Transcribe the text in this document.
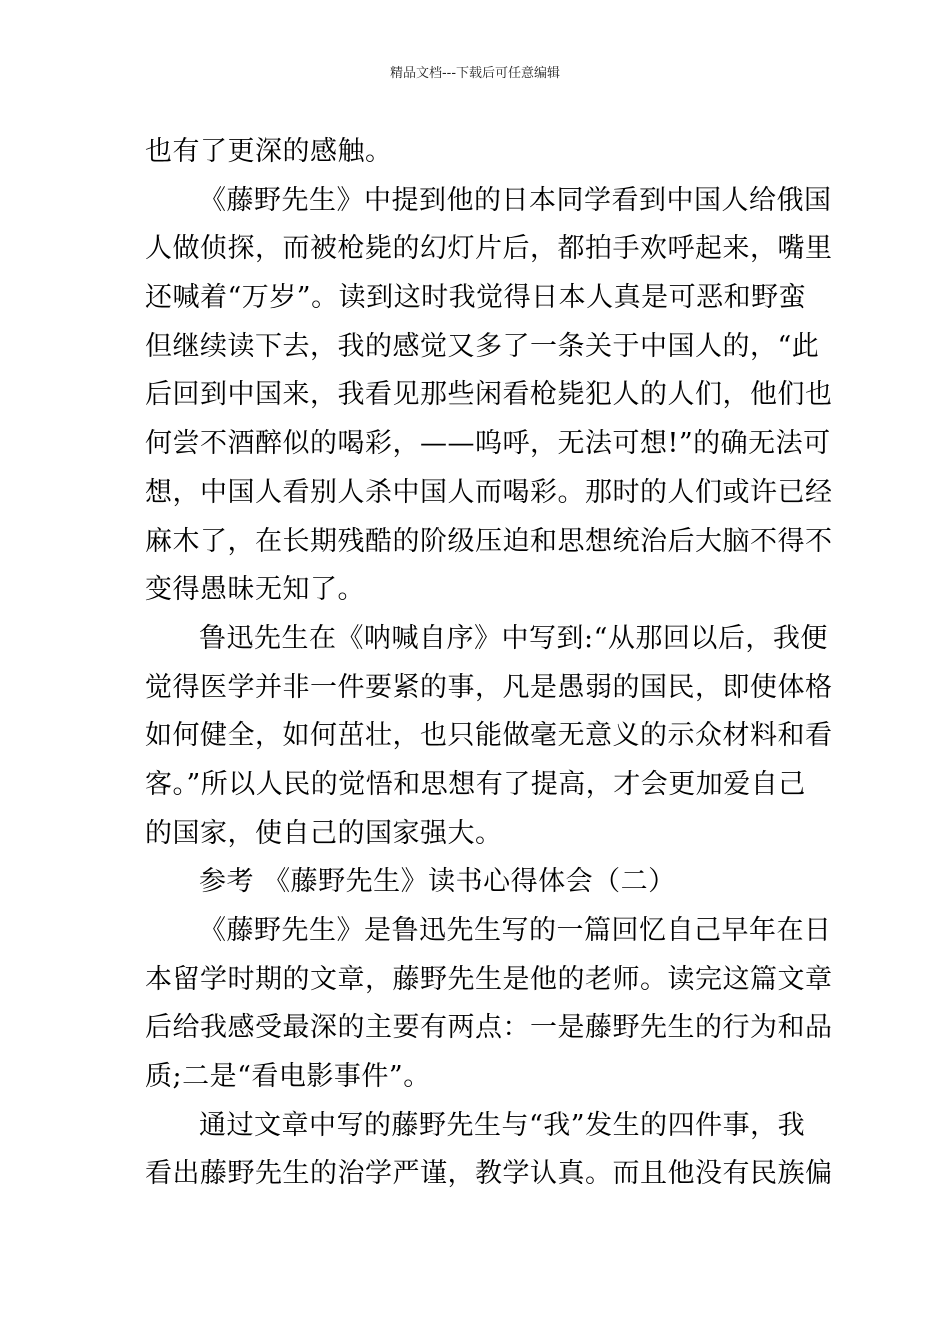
精品文档---下载后可任意编辑
也有了更深的感触。
《藤野先生》中提到他的日本同学看到中国人给俄国
人做侦探，而被枪毙的幻灯片后，都拍手欢呼起来，嘴里
还喊着“万岁”。读到这时我觉得日本人真是可恶和野蛮
但继续读下去，我的感觉又多了一条关于中国人的，“此
后回到中国来，我看见那些闲看枪毙犯人的人们，他们也
何尝不酒醉似的喝彩，——呜呼，无法可想!”的确无法可
想，中国人看别人杀中国人而喝彩。那时的人们或许已经
麻木了，在长期残酷的阶级压迫和思想统治后大脑不得不
变得愚昧无知了。
鲁迅先生在《呐喊自序》中写到:“从那回以后，我便
觉得医学并非一件要紧的事，凡是愚弱的国民，即使体格
如何健全，如何茁壮，也只能做毫无意义的示众材料和看
客。”所以人民的觉悟和思想有了提高，才会更加爱自己
的国家，使自己的国家强大。
参考 《藤野先生》读书心得体会（二）
《藤野先生》是鲁迅先生写的一篇回忆自己早年在日
本留学时期的文章，藤野先生是他的老师。读完这篇文章
后给我感受最深的主要有两点：一是藤野先生的行为和品
质;二是“看电影事件”。
通过文章中写的藤野先生与“我”发生的四件事，我
看出藤野先生的治学严谨，教学认真。而且他没有民族偏
